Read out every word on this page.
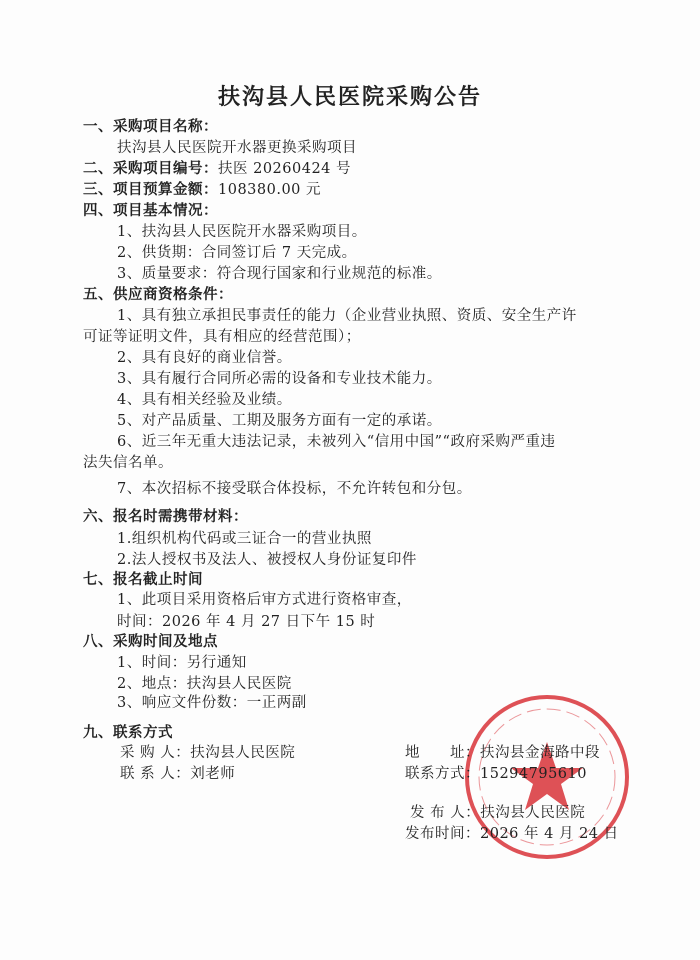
扶沟县人民医院采购公告
一、采购项目名称：
扶沟县人民医院开水器更换采购项目
二、采购项目编号：扶医 20260424 号
三、项目预算金额：108380.00 元
四、项目基本情况：
1、扶沟县人民医院开水器采购项目。
2、供货期：合同签订后 7 天完成。
3、质量要求：符合现行国家和行业规范的标准。
五、供应商资格条件：
1、具有独立承担民事责任的能力（企业营业执照、资质、安全生产许
可证等证明文件，具有相应的经营范围）；
2、具有良好的商业信誉。
3、具有履行合同所必需的设备和专业技术能力。
4、具有相关经验及业绩。
5、对产品质量、工期及服务方面有一定的承诺。
6、近三年无重大违法记录，未被列入“信用中国”“政府采购严重违
法失信名单。
7、本次招标不接受联合体投标，不允许转包和分包。
六、报名时需携带材料：
1.组织机构代码或三证合一的营业执照
2.法人授权书及法人、被授权人身份证复印件
七、报名截止时间
1、此项目采用资格后审方式进行资格审查，
时间：2026 年 4 月 27 日下午 15 时
八、采购时间及地点
1、时间：另行通知
2、地点：扶沟县人民医院
3、响应文件份数：一正两副
九、联系方式
采 购 人：扶沟县人民医院
联 系 人：刘老师
地　　址：扶沟县金海路中段
联系方式：15294795610
发 布 人：扶沟县人民医院
发布时间：2026 年 4 月 24 日
